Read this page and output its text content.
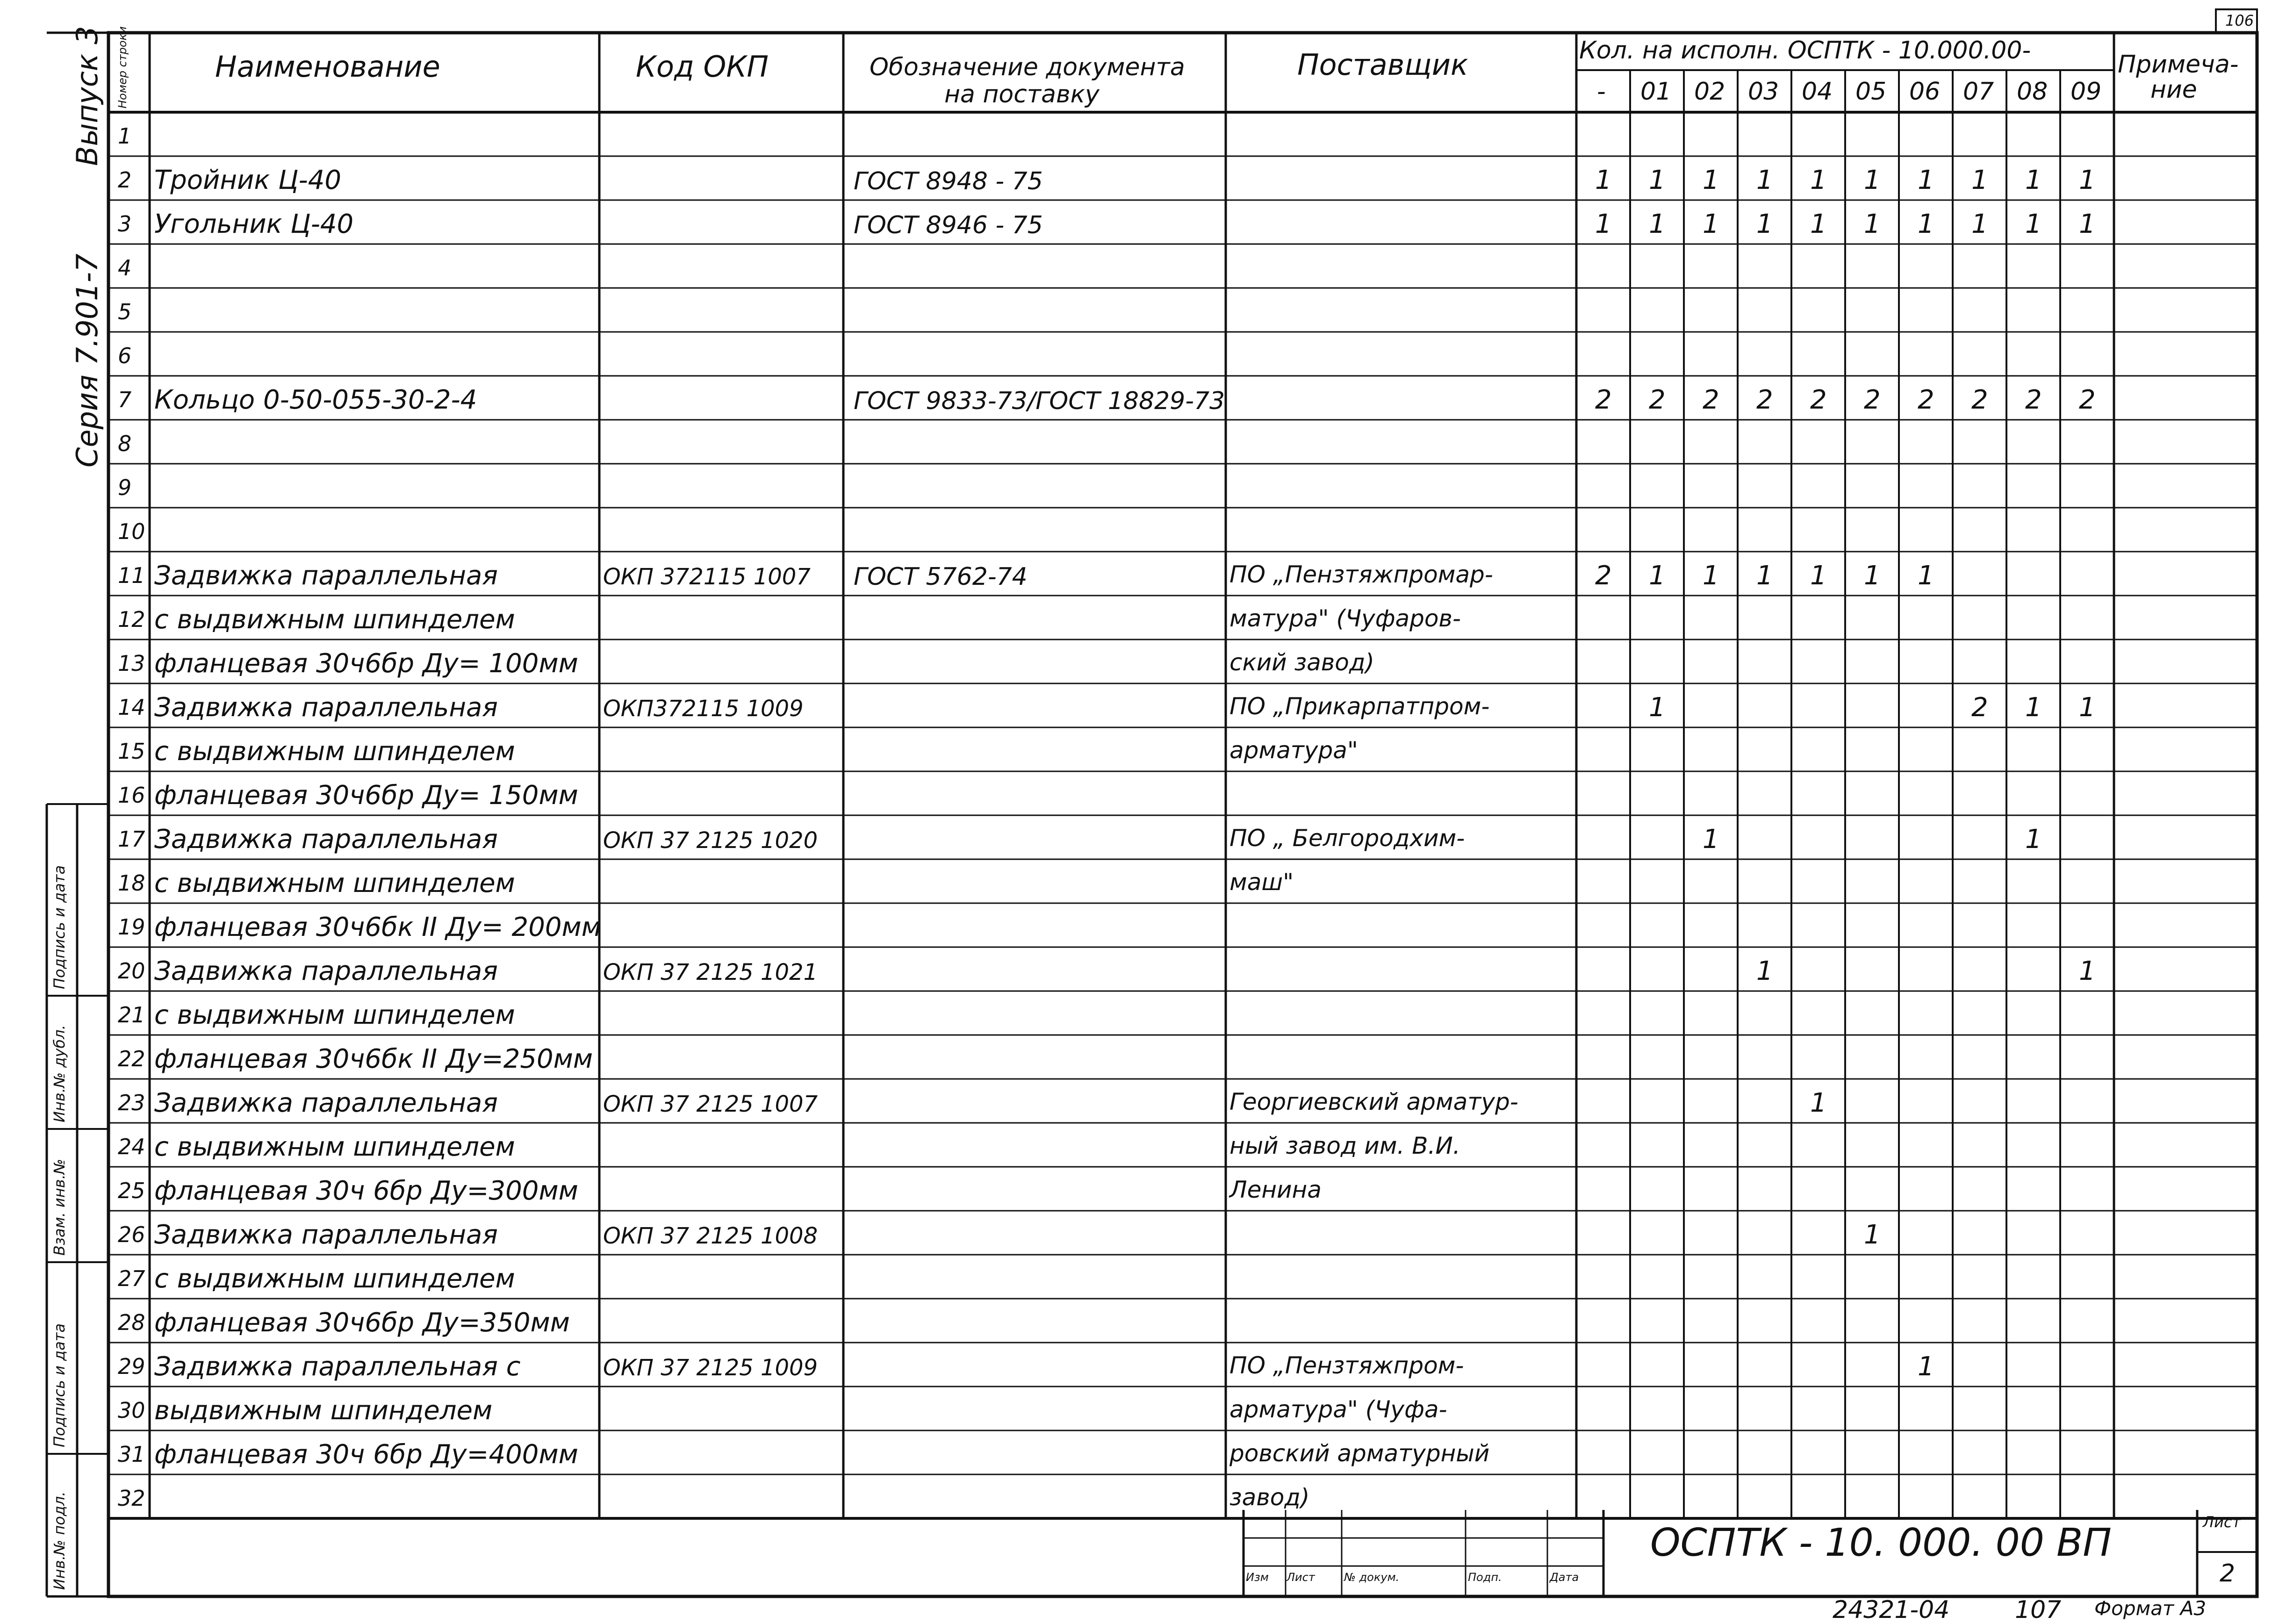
Выпуск 3
Серия 7.901-7
Подпись и дата
Инв.№ дубл.
Взам. инв.№
Подпись и дата
Инв.№ подл.
106
Номер строки	Наименование	Код ОКП	Обозначение документа
на поставку
Поставщик	Кол. на исполн. ОСПТК - 10.000.00-
- 01 02 03 04 05 06 07 08 09
Примеча-
ние
1
2 Тройник Ц-40	ГОСТ 8948 - 75	1 1 1 1 1 1 1 1 1 1
3 Угольник Ц-40	ГОСТ 8946 - 75	1 1 1 1 1 1 1 1 1 1
4
5
6
7 Кольцо 0-50-055-30-2-4	ГОСТ 9833-73/ГОСТ 18829-73	2 2 2 2 2 2 2 2 2 2
8
9
10
11 Задвижка параллельная	ОКП 372115 1007 ГОСТ 5762-74	ПО „Пензтяжпромар-	2 1 1 1 1 1 1
12 с выдвижным шпинделем	матура" (Чуфаров-
13 фланцевая 30ч6бр Ду= 100мм	ский завод)
14 Задвижка параллельная	ОКП372115 1009	ПО „Прикарпатпром-	1	2 1 1
15 с выдвижным шпинделем	арматура"
16 фланцевая 30ч6бр Ду= 150мм
17 Задвижка параллельная	ОКП 37 2125 1020	ПО „ Белгородхим-	1	1
18 с выдвижным шпинделем	маш"
19 фланцевая 30ч6бк II Ду= 200мм
20 Задвижка параллельная	ОКП 37 2125 1021	1	1
21 с выдвижным шпинделем
22 фланцевая 30ч6бк II Ду=250мм
23 Задвижка параллельная	ОКП 37 2125 1007	Георгиевский арматур-	1
24 с выдвижным шпинделем	ный завод им. В.И.
25 фланцевая 30ч 6бр Ду=300мм	Ленина
26 Задвижка параллельная	ОКП 37 2125 1008	1
27 с выдвижным шпинделем
28 фланцевая 30ч6бр Ду=350мм
29 Задвижка параллельная с	ОКП 37 2125 1009	ПО „Пензтяжпром-	1
30 выдвижным шпинделем	арматура" (Чуфа-
31 фланцевая 30ч 6бр Ду=400мм	ровский арматурный
32	завод)
ОСПТК - 10. 000. 00 ВП	Лист
2
Изм Лист	№ докум.	Подп.	Дата
24321-04	107 Формат А3
